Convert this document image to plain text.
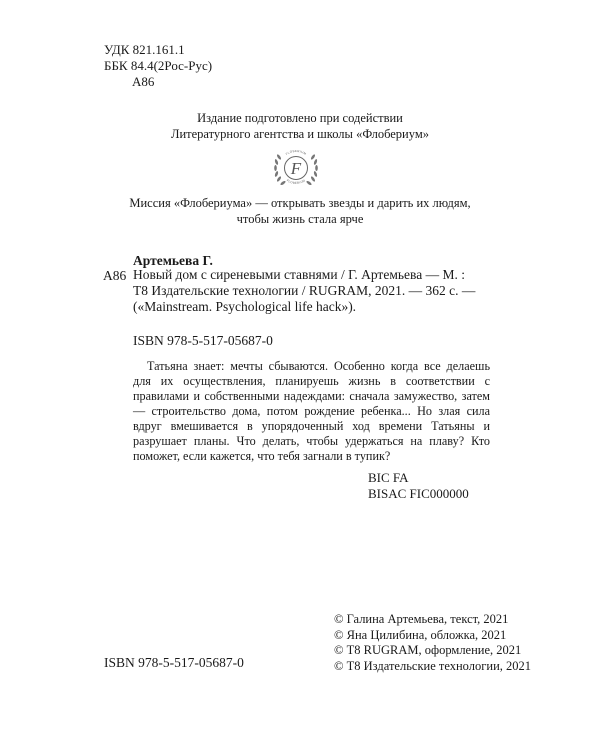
УДК 821.161.1
ББК 84.4(2Рос-Рус)
А86
Издание подготовлено при содействии
Литературного агентства и школы «Флобериум»
F
FLOBERIUM
FLOBERIUM
Миссия «Флобериума» — открывать звезды и дарить их людям,
чтобы жизнь стала ярче
Артемьева Г.
А86 Новый дом с сиреневыми ставнями / Г. Артемьева — М. :
Т8 Издательские технологии / RUGRAM, 2021. — 362 с. —
(«Mainstream. Psychological life hack»).
ISBN 978-5-517-05687-0
Татьяна знает: мечты сбываются. Особенно когда все делаешь для их осуществления, планируешь жизнь в соответствии с правилами и собственными надеждами: сначала замужество, затем — строительство дома, потом рождение ребенка... Но злая сила вдруг вмешивается в упорядоченный ход времени Татьяны и разрушает планы. Что делать, чтобы удержаться на плаву? Кто поможет, если кажется, что тебя загнали в тупик?
BIC FA
BISAC FIC000000
© Галина Артемьева, текст, 2021
© Яна Цилибина, обложка, 2021
© Т8 RUGRAM, оформление, 2021
© Т8 Издательские технологии, 2021
ISBN 978-5-517-05687-0
